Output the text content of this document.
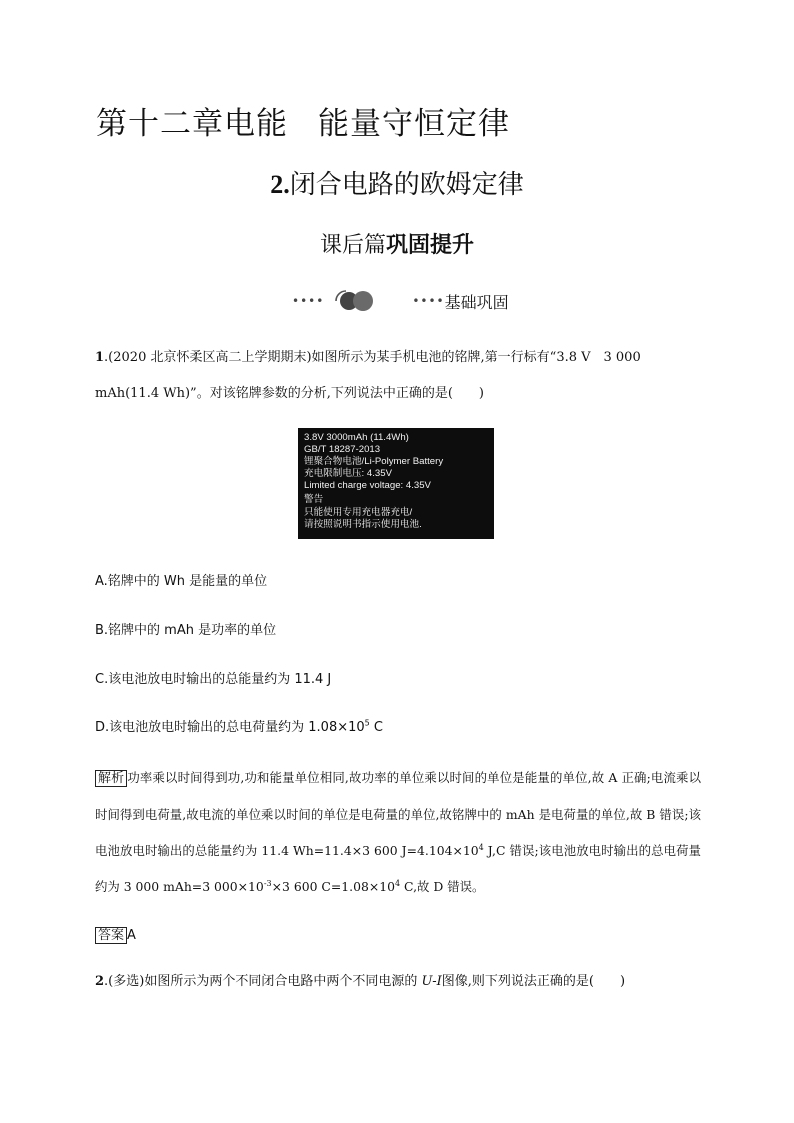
第十二章电能 能量守恒定律
2.闭合电路的欧姆定律
课后篇巩固提升
••••	•••• 基础巩固
1.(2020 北京怀柔区高二上学期期末)如图所示为某手机电池的铭牌,第一行标有“3.8 V　3 000
mAh(11.4 Wh)”。对该铭牌参数的分析,下列说法中正确的是(　　)
3.8V 3000mAh (11.4Wh)
GB/T 18287-2013
锂聚合物电池/Li-Polymer Battery
充电限制电压: 4.35V
Limited charge voltage: 4.35V
警告
只能使用专用充电器充电/
请按照说明书指示使用电池.
A.铭牌中的 Wh 是能量的单位
B.铭牌中的 mAh 是功率的单位
C.该电池放电时输出的总能量约为 11.4 J
D.该电池放电时输出的总电荷量约为 $1.08\times 10^5$ C
解析 功率乘以时间得到功,功和能量单位相同,故功率的单位乘以时间的单位是能量的单位,故 A 正确;电流乘以时间得到电荷量,故电流的单位乘以时间的单位是电荷量的单位,故铭牌中的 mAh 是电荷量的单位,故 B 错误;该电池放电时输出的总能量约为 11.4 Wh=11.4×3 600 $J=4.104\times 10^4$ J,C 错误;该电池放电时输出的总电荷量约为 3 000 mAh=3 $000\times 10^{-3}\times 3$ 600 $C=1.08\times 10^4$ C,故 D 错误。
答案 A
2.(多选)如图所示为两个不同闭合电路中两个不同电源的 U-I图像,则下列说法正确的是(　　)
